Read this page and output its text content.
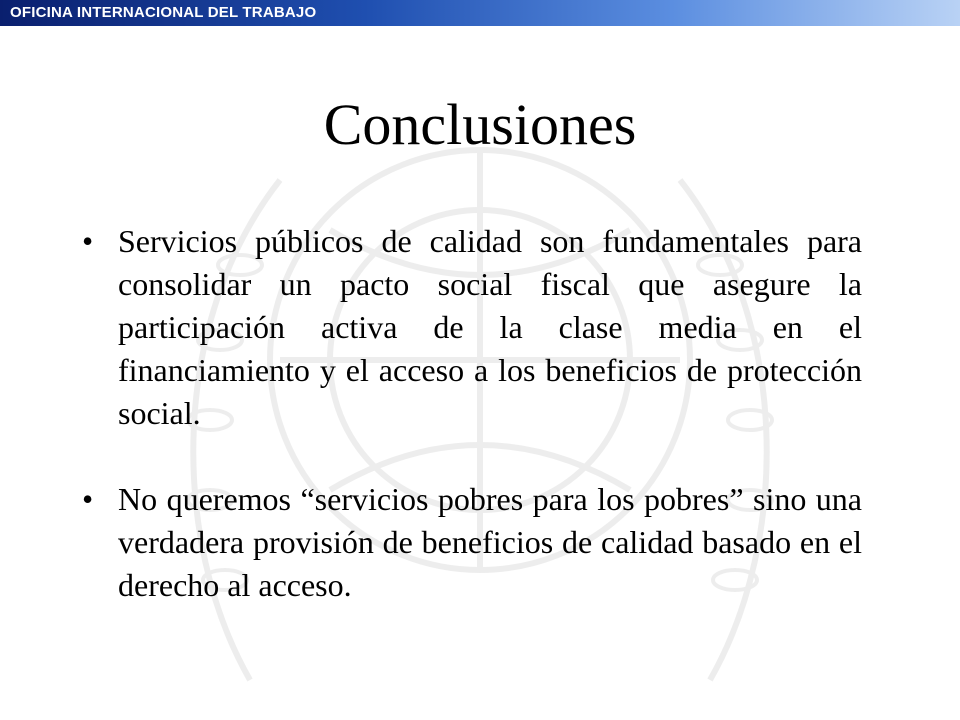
OFICINA INTERNACIONAL DEL TRABAJO
Conclusiones
• Servicios públicos de calidad son fundamentales para consolidar un pacto social fiscal que asegure la participación activa de la clase media en el financiamiento y el acceso a los beneficios de protección social.
• No queremos “servicios pobres para los pobres” sino una verdadera provisión de beneficios de calidad basado en el derecho al acceso.
